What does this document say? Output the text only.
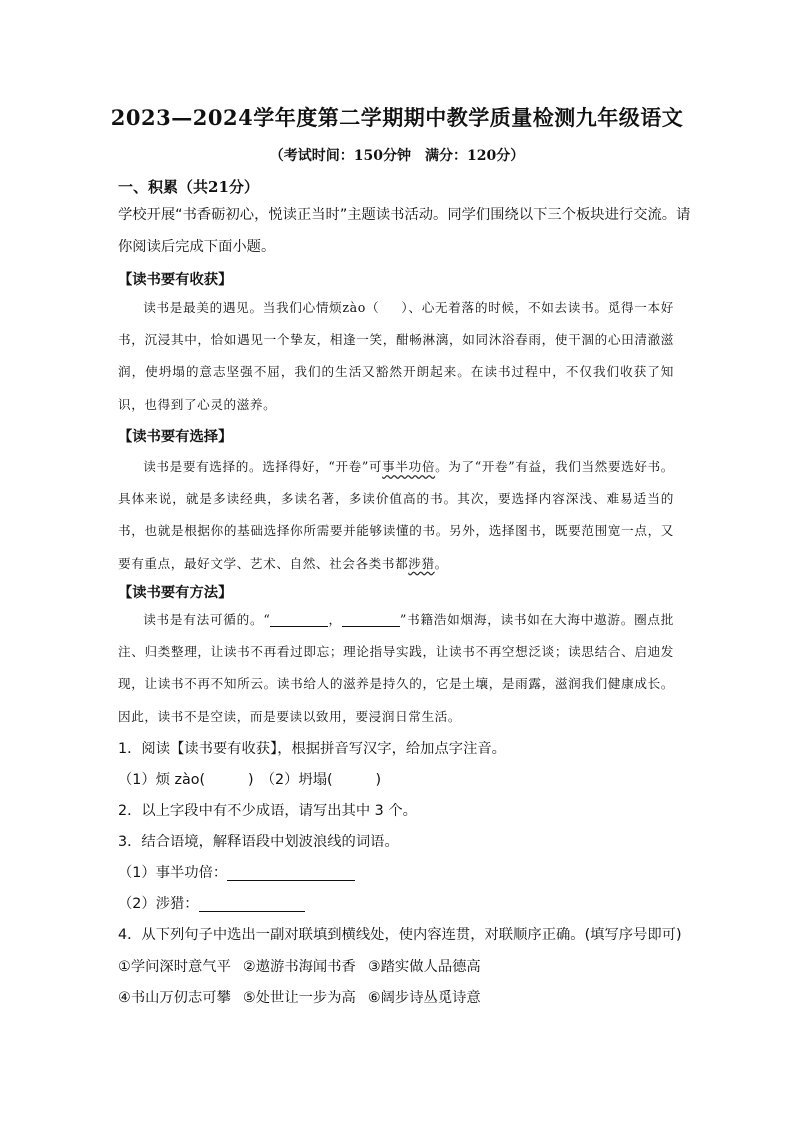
2023—2024学年度第二学期期中教学质量检测九年级语文
（考试时间：150分钟　满分：120分）
一、积累（共21分）
学校开展“书香砺初心，悦读正当时”主题读书活动。同学们围绕以下三个板块进行交流。请
你阅读后完成下面小题。
【读书要有收获】
读书是最美的遇见。当我们心情烦zào（ ）、心无着落的时候，不如去读书。觅得一本好书，沉浸其中，恰如遇见一个挚友，相逢一笑，酣畅淋漓，如同沐浴春雨，使干涸的心田清澈滋润，使坍塌的意志坚强不屈，我们的生活又豁然开朗起来。在读书过程中，不仅我们收获了知识，也得到了心灵的滋养。
【读书要有选择】
读书是要有选择的。选择得好，“开卷”可事半功倍。为了“开卷”有益，我们当然要选好书。具体来说，就是多读经典，多读名著，多读价值高的书。其次，要选择内容深浅、难易适当的书，也就是根据你的基础选择你所需要并能够读懂的书。另外，选择图书，既要范围宽一点，又要有重点，最好文学、艺术、自然、社会各类书都涉猎。
【读书要有方法】
读书是有法可循的。“	，	”书籍浩如烟海，读书如在大海中遨游。圈点批注、归类整理，让读书不再看过即忘；理论指导实践，让读书不再空想泛谈；读思结合、启迪发现，让读书不再不知所云。读书给人的滋养是持久的，它是土壤，是雨露，滋润我们健康成长。因此，读书不是空读，而是要读以致用，要浸润日常生活。
1．阅读【读书要有收获】，根据拼音写汉字，给加点字注音。
（1）烦 zào(　　　)　（2）坍塌(　　　)
2．以上字段中有不少成语，请写出其中 3 个。
3．结合语境，解释语段中划波浪线的词语。
（1）事半功倍：
（2）涉猎：
4．从下列句子中选出一副对联填到横线处，使内容连贯，对联顺序正确。(填写序号即可)
①学问深时意气平 ②遨游书海闻书香 ③踏实做人品德高
④书山万仞志可攀 ⑤处世让一步为高 ⑥阔步诗丛觅诗意
